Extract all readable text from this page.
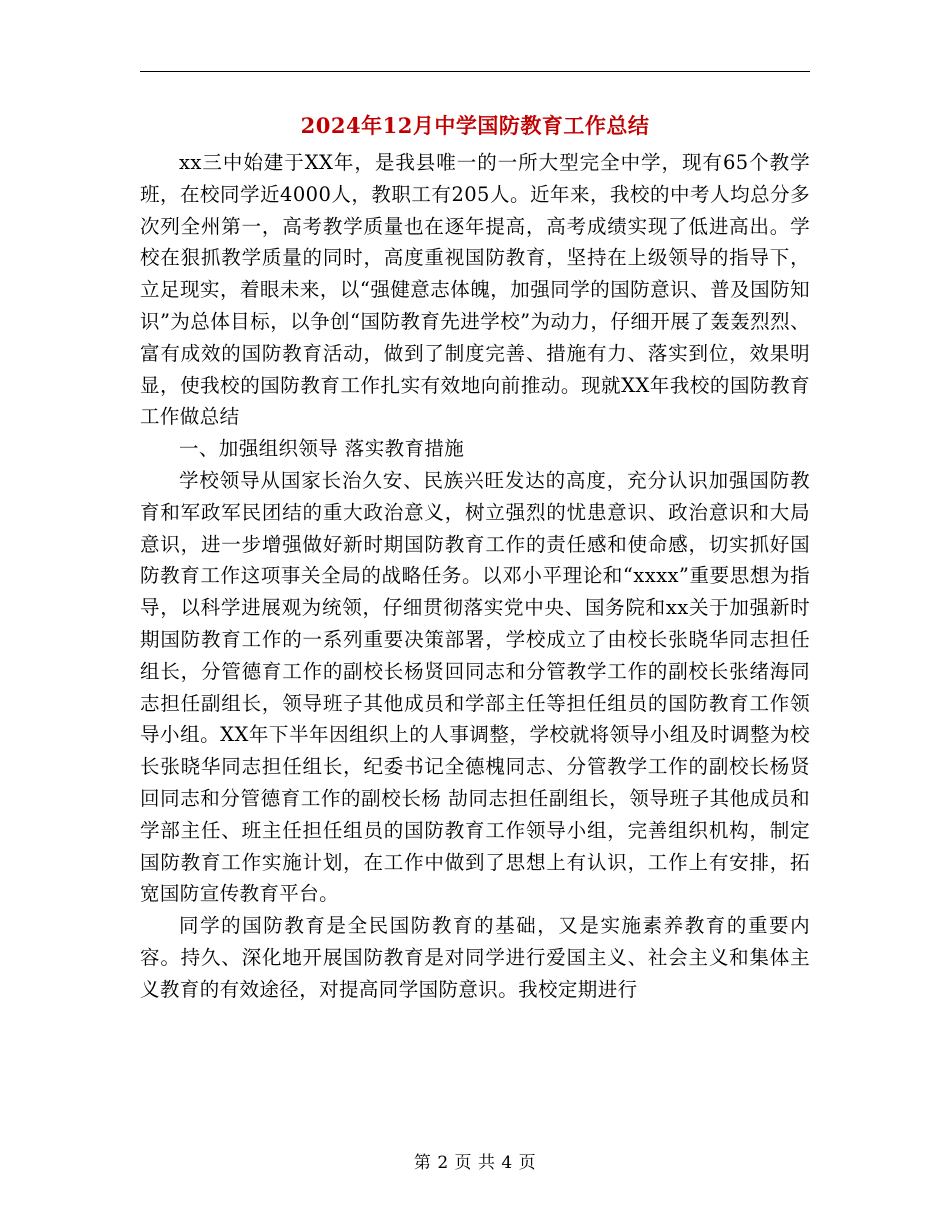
2024年12月中学国防教育工作总结

xx三中始建于XX年，是我县唯一的一所大型完全中学，现有65个教学班，在校同学近4000人，教职工有205人。近年来，我校的中考人均总分多次列全州第一，高考教学质量也在逐年提高，高考成绩实现了低进高出。学校在狠抓教学质量的同时，高度重视国防教育，坚持在上级领导的指导下，立足现实，着眼未来，以“强健意志体魄，加强同学的国防意识、普及国防知识”为总体目标，以争创“国防教育先进学校”为动力，仔细开展了轰轰烈烈、富有成效的国防教育活动，做到了制度完善、措施有力、落实到位，效果明显，使我校的国防教育工作扎实有效地向前推动。现就XX年我校的国防教育工作做总结

一、加强组织领导 落实教育措施

学校领导从国家长治久安、民族兴旺发达的高度，充分认识加强国防教育和军政军民团结的重大政治意义，树立强烈的忧患意识、政治意识和大局意识，进一步增强做好新时期国防教育工作的责任感和使命感，切实抓好国防教育工作这项事关全局的战略任务。以邓小平理论和“xxxx”重要思想为指导，以科学进展观为统领，仔细贯彻落实党中央、国务院和xx关于加强新时期国防教育工作的一系列重要决策部署，学校成立了由校长张晓华同志担任组长，分管德育工作的副校长杨贤回同志和分管教学工作的副校长张绪海同志担任副组长，领导班子其他成员和学部主任等担任组员的国防教育工作领导小组。XX年下半年因组织上的人事调整，学校就将领导小组及时调整为校长张晓华同志担任组长，纪委书记全德槐同志、分管教学工作的副校长杨贤回同志和分管德育工作的副校长杨 劼同志担任副组长，领导班子其他成员和学部主任、班主任担任组员的国防教育工作领导小组，完善组织机构，制定国防教育工作实施计划，在工作中做到了思想上有认识，工作上有安排，拓宽国防宣传教育平台。

同学的国防教育是全民国防教育的基础，又是实施素养教育的重要内容。持久、深化地开展国防教育是对同学进行爱国主义、社会主义和集体主义教育的有效途径，对提高同学国防意识。我校定期进行

第 2 页 共 4 页
